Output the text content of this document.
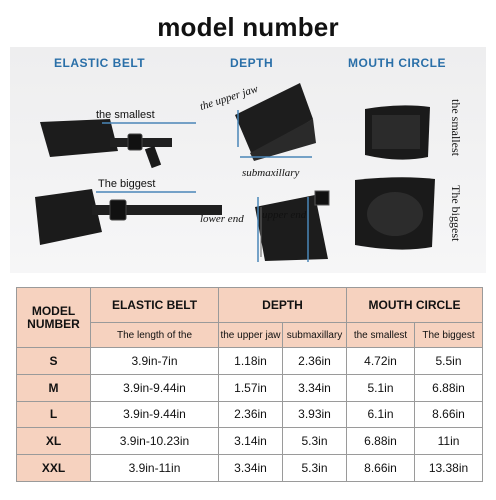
model number
ELASTIC BELT	DEPTH	MOUTH CIRCLE
the smallest
The biggest
the upper jaw
submaxillary
lower end upper end
the smallest
The biggest
MODEL NUMBER	ELASTIC BELT	DEPTH		MOUTH CIRCLE	
	The length of the	the upper jaw	submaxillary	the smallest	The biggest
S	3.9in-7in	1.18in	2.36in	4.72in	5.5in
M	3.9in-9.44in	1.57in	3.34in	5.1in	6.88in
L	3.9in-9.44in	2.36in	3.93in	6.1in	8.66in
XL	3.9in-10.23in	3.14in	5.3in	6.88in	11in
XXL	3.9in-11in	3.34in	5.3in	8.66in	13.38in
